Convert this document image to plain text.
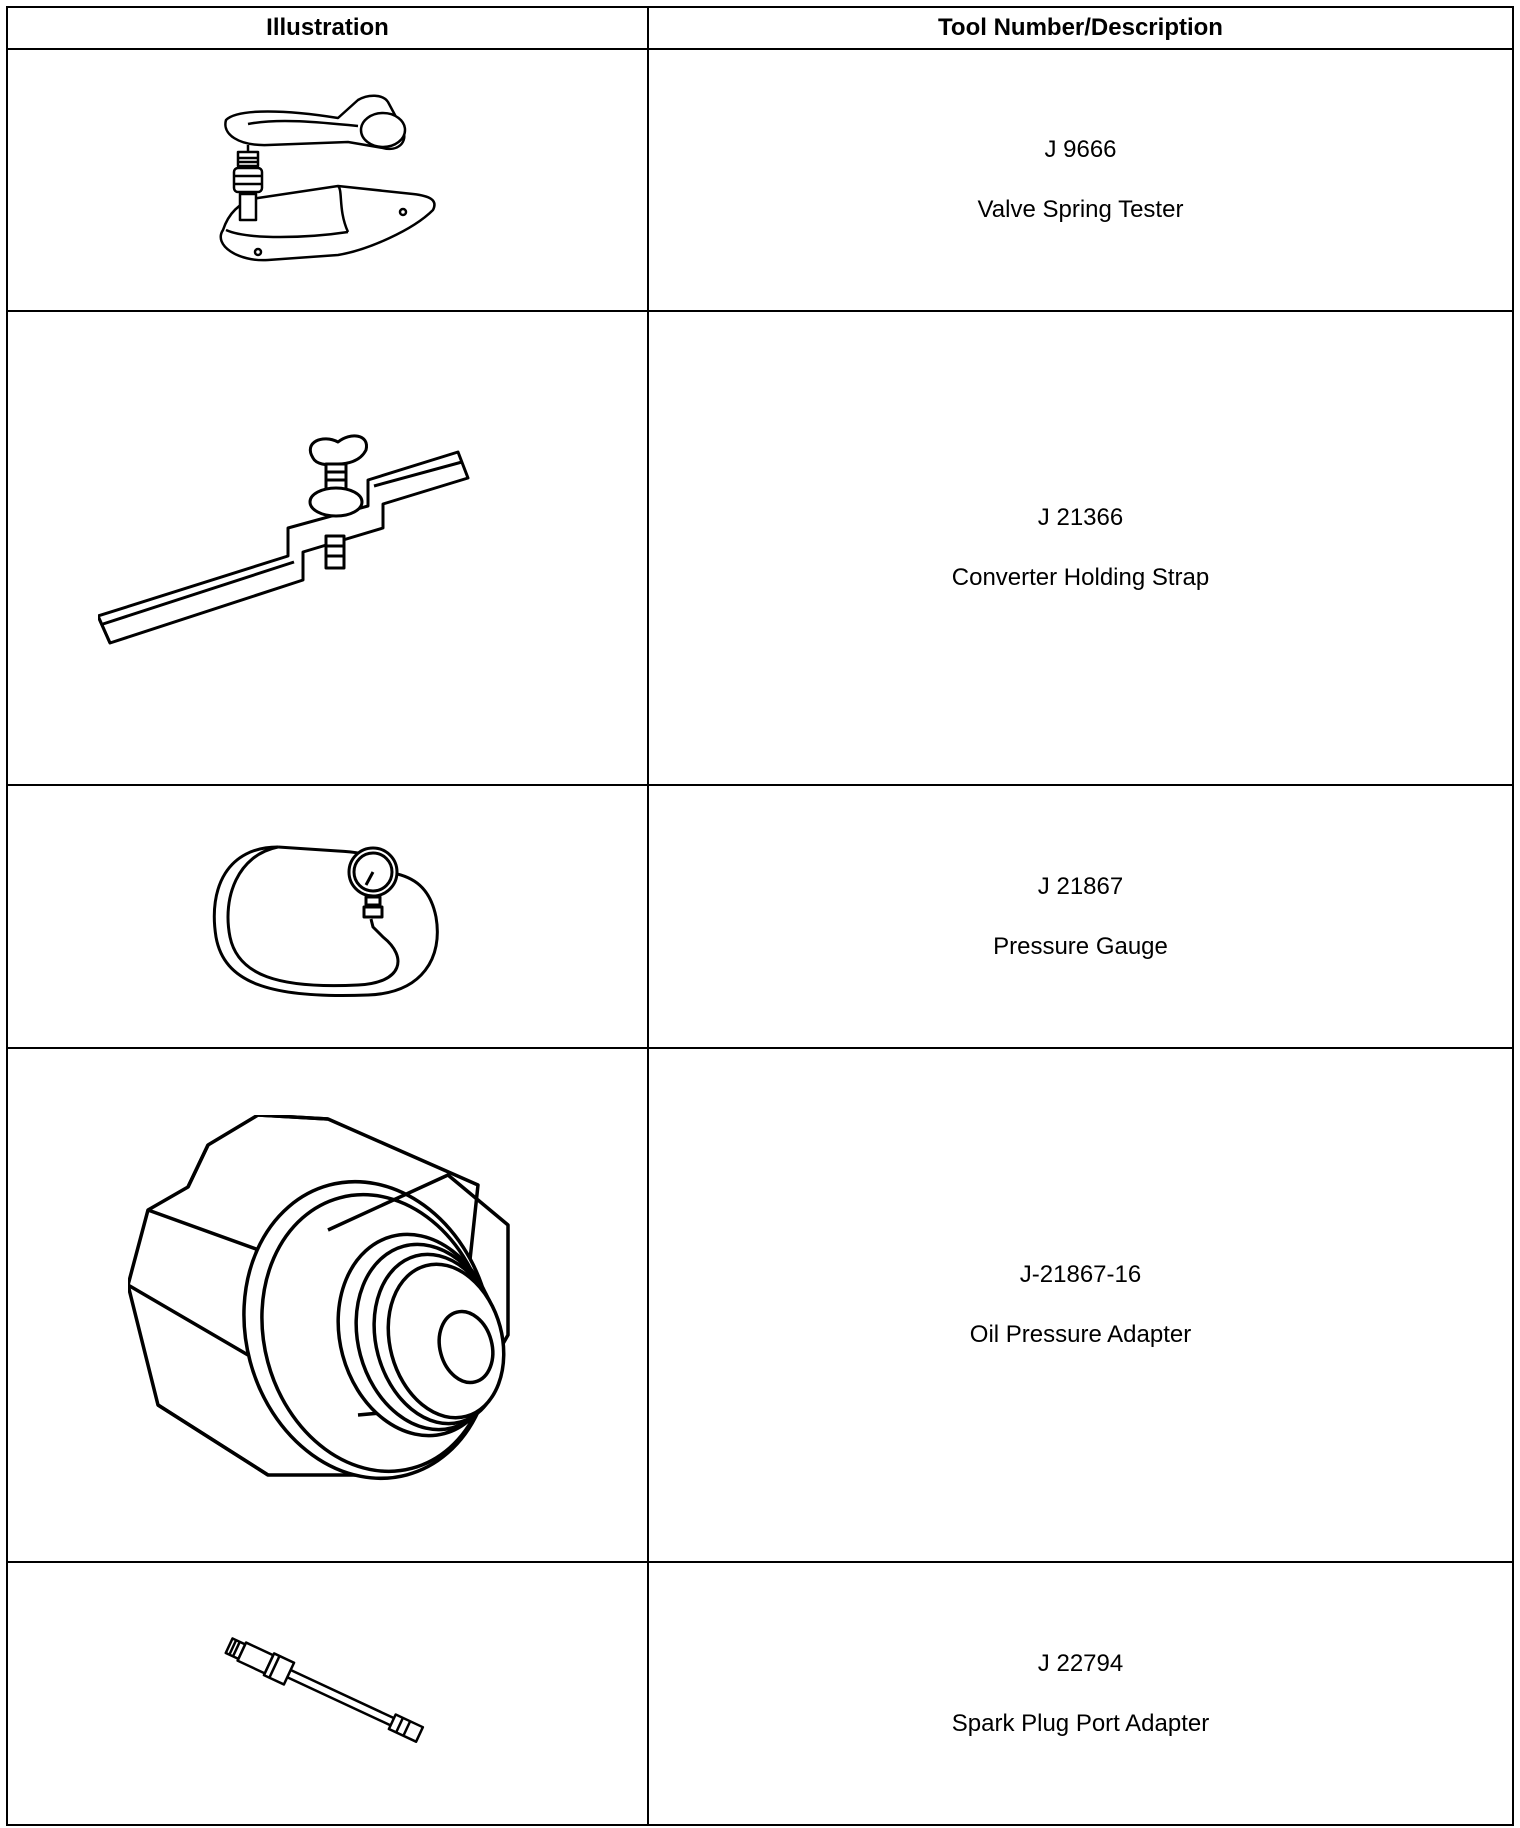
Illustration	Tool Number/Description

J 9666
Valve Spring Tester

J 21366
Converter Holding Strap

J 21867
Pressure Gauge

J-21867-16
Oil Pressure Adapter

J 22794
Spark Plug Port Adapter
